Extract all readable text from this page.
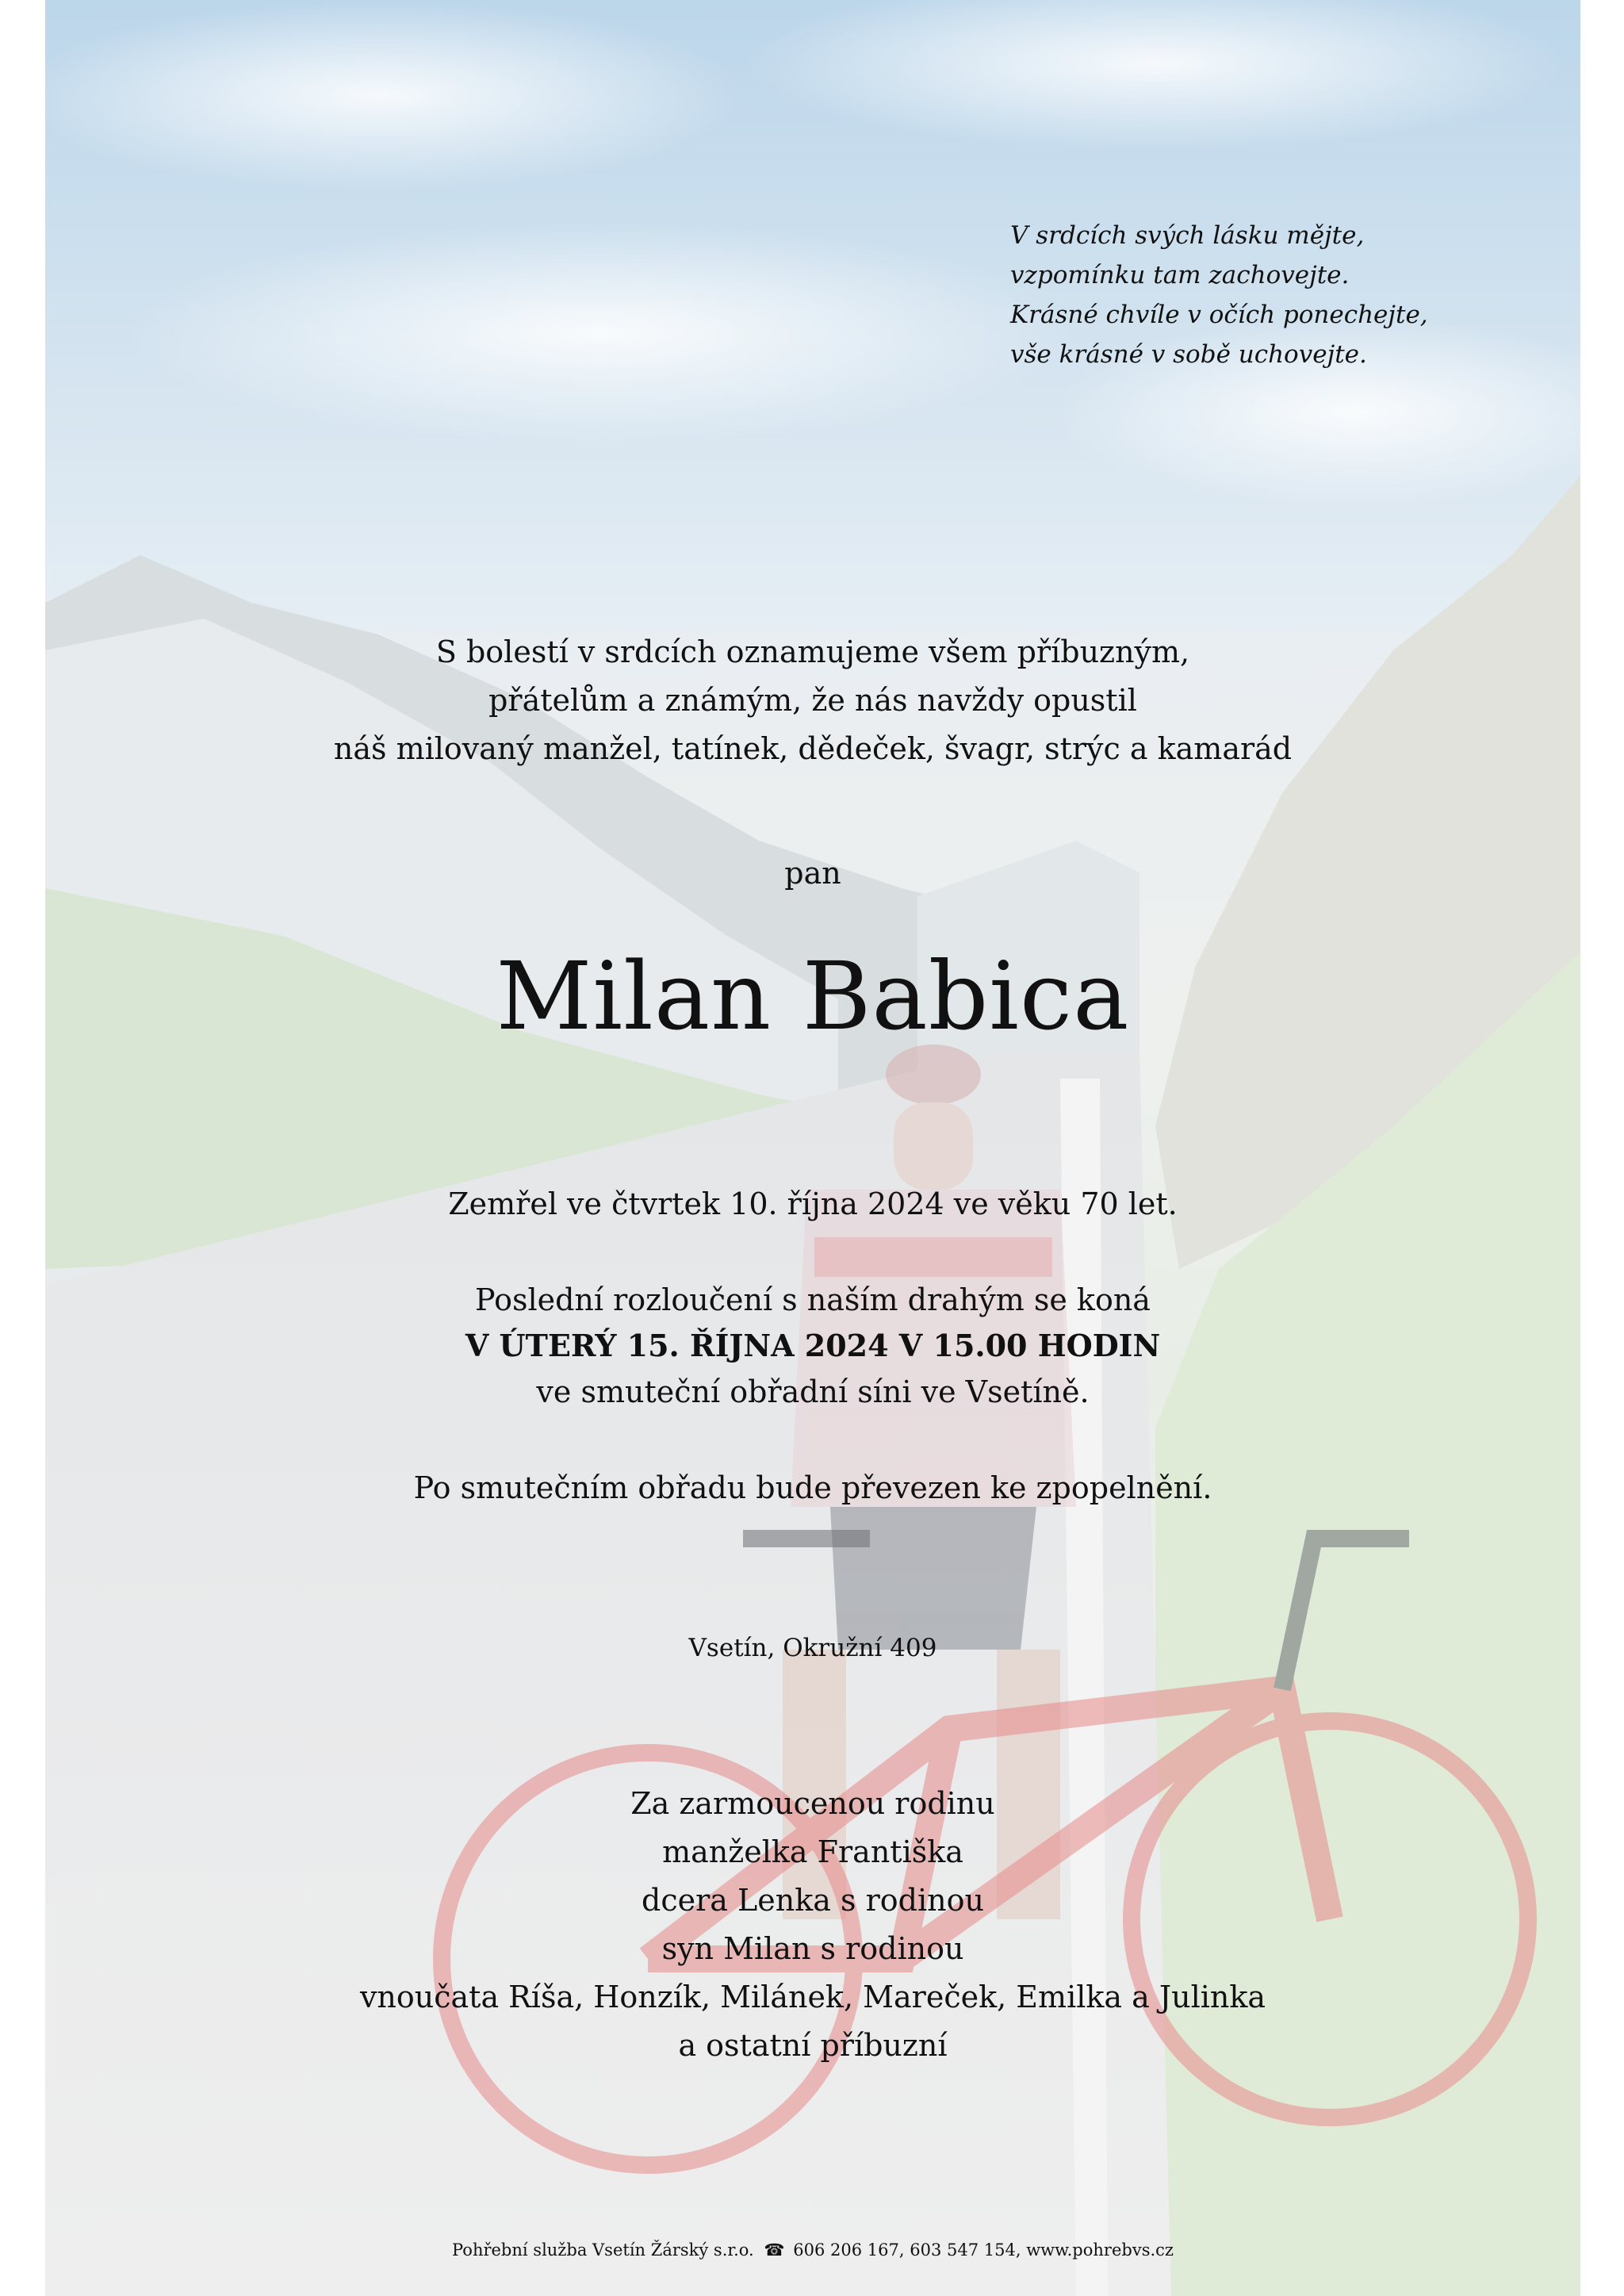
V srdcích svých lásku mějte,
vzpomínku tam zachovejte.
Krásné chvíle v očích ponechejte,
vše krásné v sobě uchovejte.
S bolestí v srdcích oznamujeme všem příbuzným,
přátelům a známým, že nás navždy opustil
náš milovaný manžel, tatínek, dědeček, švagr, strýc a kamarád
pan
Milan Babica
Zemřel ve čtvrtek 10. října 2024 ve věku 70 let.
Poslední rozloučení s naším drahým se koná
V ÚTERÝ 15. ŘÍJNA 2024 V 15.00 HODIN
ve smuteční obřadní síni ve Vsetíně.
Po smutečním obřadu bude převezen ke zpopelnění.
Vsetín, Okružní 409
Za zarmoucenou rodinu
manželka Františka
dcera Lenka s rodinou
syn Milan s rodinou
vnoučata Ríša, Honzík, Milánek, Mareček, Emilka a Julinka
a ostatní příbuzní
Pohřební služba Vsetín Žárský s.r.o. ☎ 606 206 167, 603 547 154, www.pohrebvs.cz
